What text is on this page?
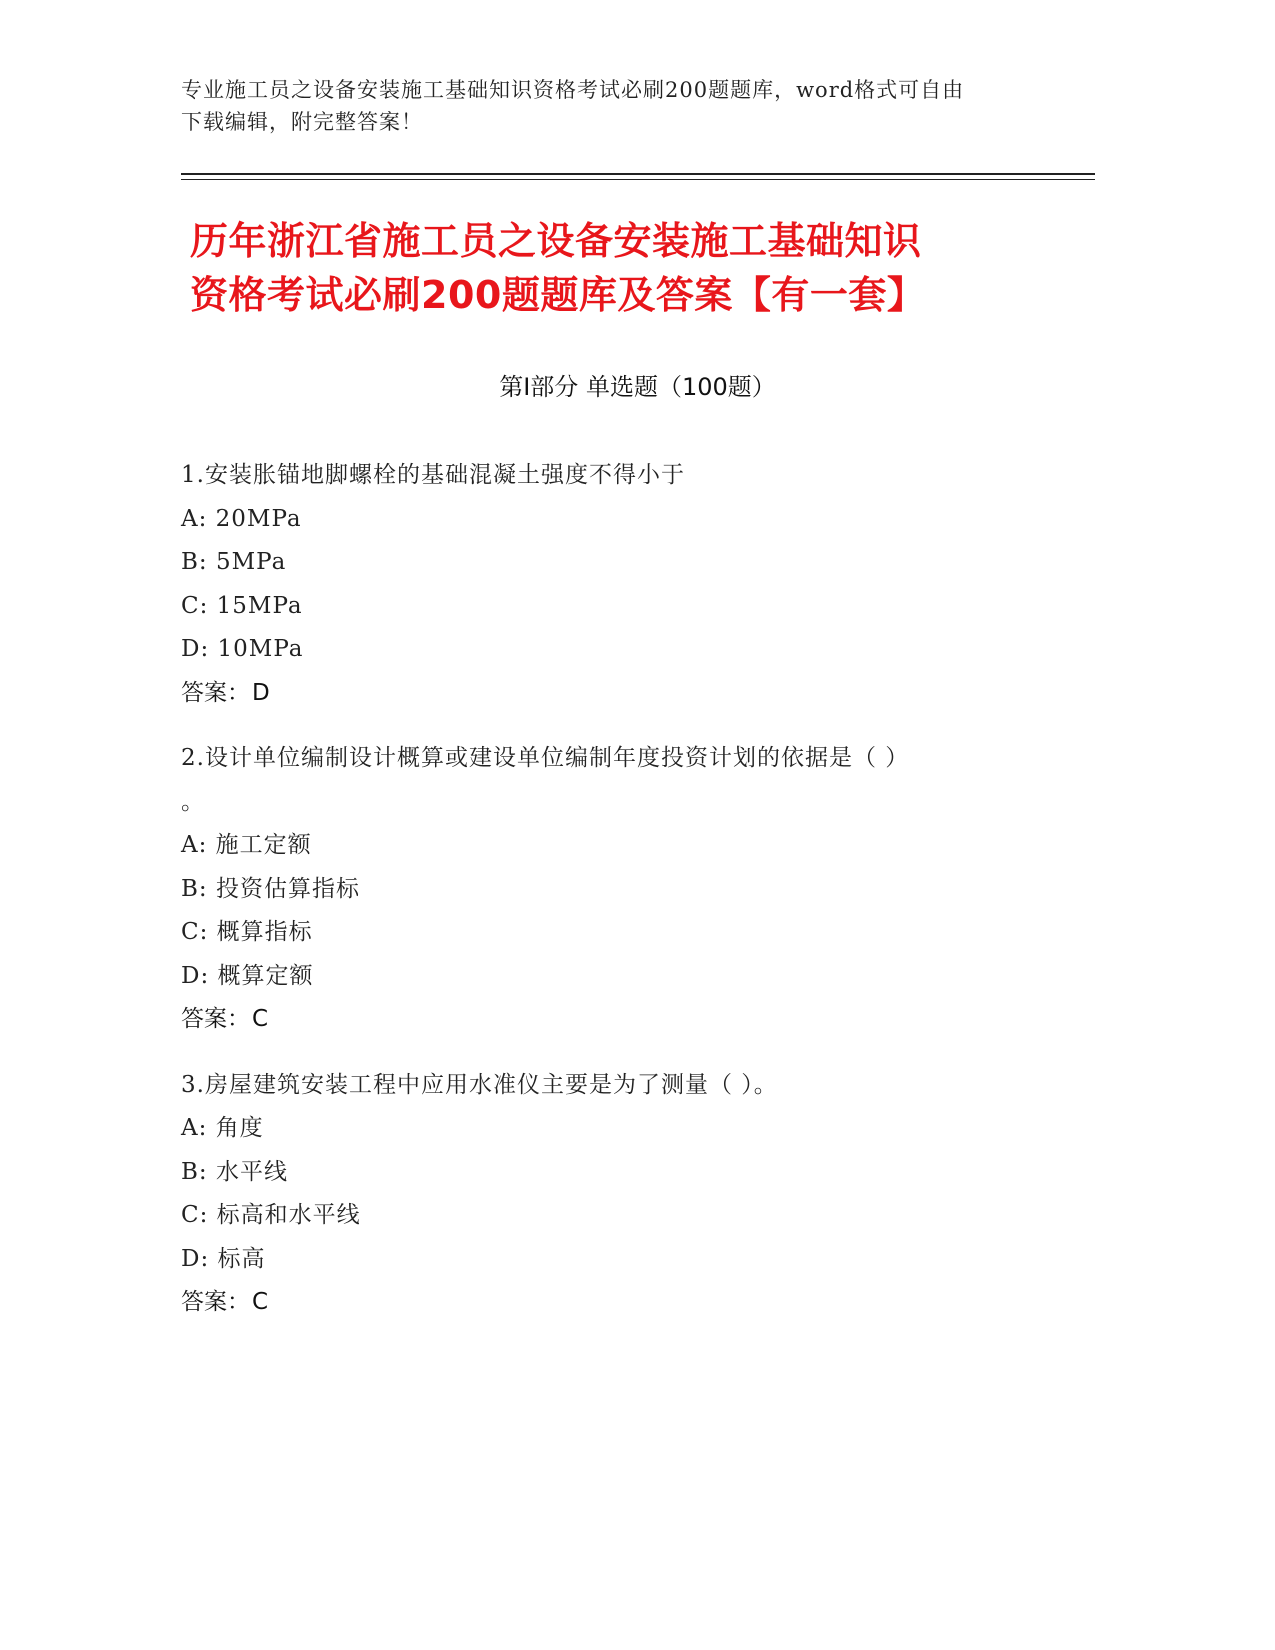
专业施工员之设备安装施工基础知识资格考试必刷200题题库，word格式可自由
下载编辑，附完整答案！
历年浙江省施工员之设备安装施工基础知识
资格考试必刷200题题库及答案【有一套】
第Ⅰ部分 单选题（100题）
1.安装胀锚地脚螺栓的基础混凝土强度不得小于
A: 20MPa
B: 5MPa
C: 15MPa
D: 10MPa
答案：D
2.设计单位编制设计概算或建设单位编制年度投资计划的依据是（ ）
。
A: 施工定额
B: 投资估算指标
C: 概算指标
D: 概算定额
答案：C
3.房屋建筑安装工程中应用水准仪主要是为了测量（ ）。
A: 角度
B: 水平线
C: 标高和水平线
D: 标高
答案：C
